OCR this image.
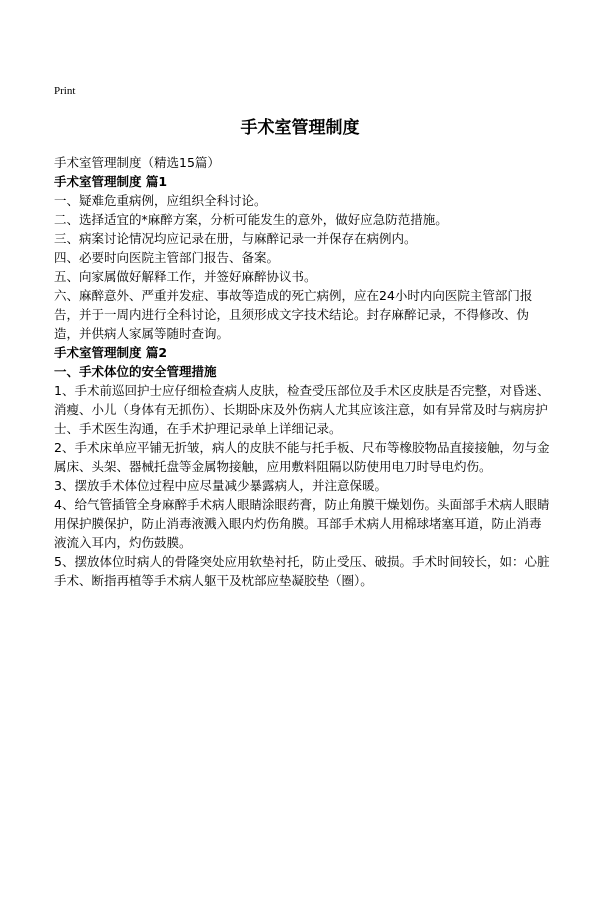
Print
手术室管理制度

手术室管理制度（精选15篇）

手术室管理制度 篇1

一、疑难危重病例，应组织全科讨论。

二、选择适宜的*麻醉方案，分析可能发生的意外，做好应急防范措施。

三、病案讨论情况均应记录在册，与麻醉记录一并保存在病例内。

四、必要时向医院主管部门报告、备案。

五、向家属做好解释工作，并签好麻醉协议书。

六、麻醉意外、严重并发症、事故等造成的死亡病例，应在24小时内向医院主管部门报告，并于一周内进行全科讨论，且须形成文字技术结论。封存麻醉记录，不得修改、伪造，并供病人家属等随时查询。

手术室管理制度 篇2

一、手术体位的安全管理措施

1、手术前巡回护士应仔细检查病人皮肤，检查受压部位及手术区皮肤是否完整，对昏迷、消瘦、小儿（身体有无抓伤）、长期卧床及外伤病人尤其应该注意，如有异常及时与病房护士、手术医生沟通，在手术护理记录单上详细记录。

2、手术床单应平铺无折皱，病人的皮肤不能与托手板、尺布等橡胶物品直接接触，勿与金属床、头架、器械托盘等金属物接触，应用敷料阻隔以防使用电刀时导电灼伤。

3、摆放手术体位过程中应尽量减少暴露病人，并注意保暖。

4、给气管插管全身麻醉手术病人眼睛涂眼药膏，防止角膜干燥划伤。头面部手术病人眼睛用保护膜保护，防止消毒液溅入眼内灼伤角膜。耳部手术病人用棉球堵塞耳道，防止消毒液流入耳内，灼伤鼓膜。

5、摆放体位时病人的骨隆突处应用软垫衬托，防止受压、破损。手术时间较长，如：心脏手术、断指再植等手术病人躯干及枕部应垫凝胶垫（圈）。
